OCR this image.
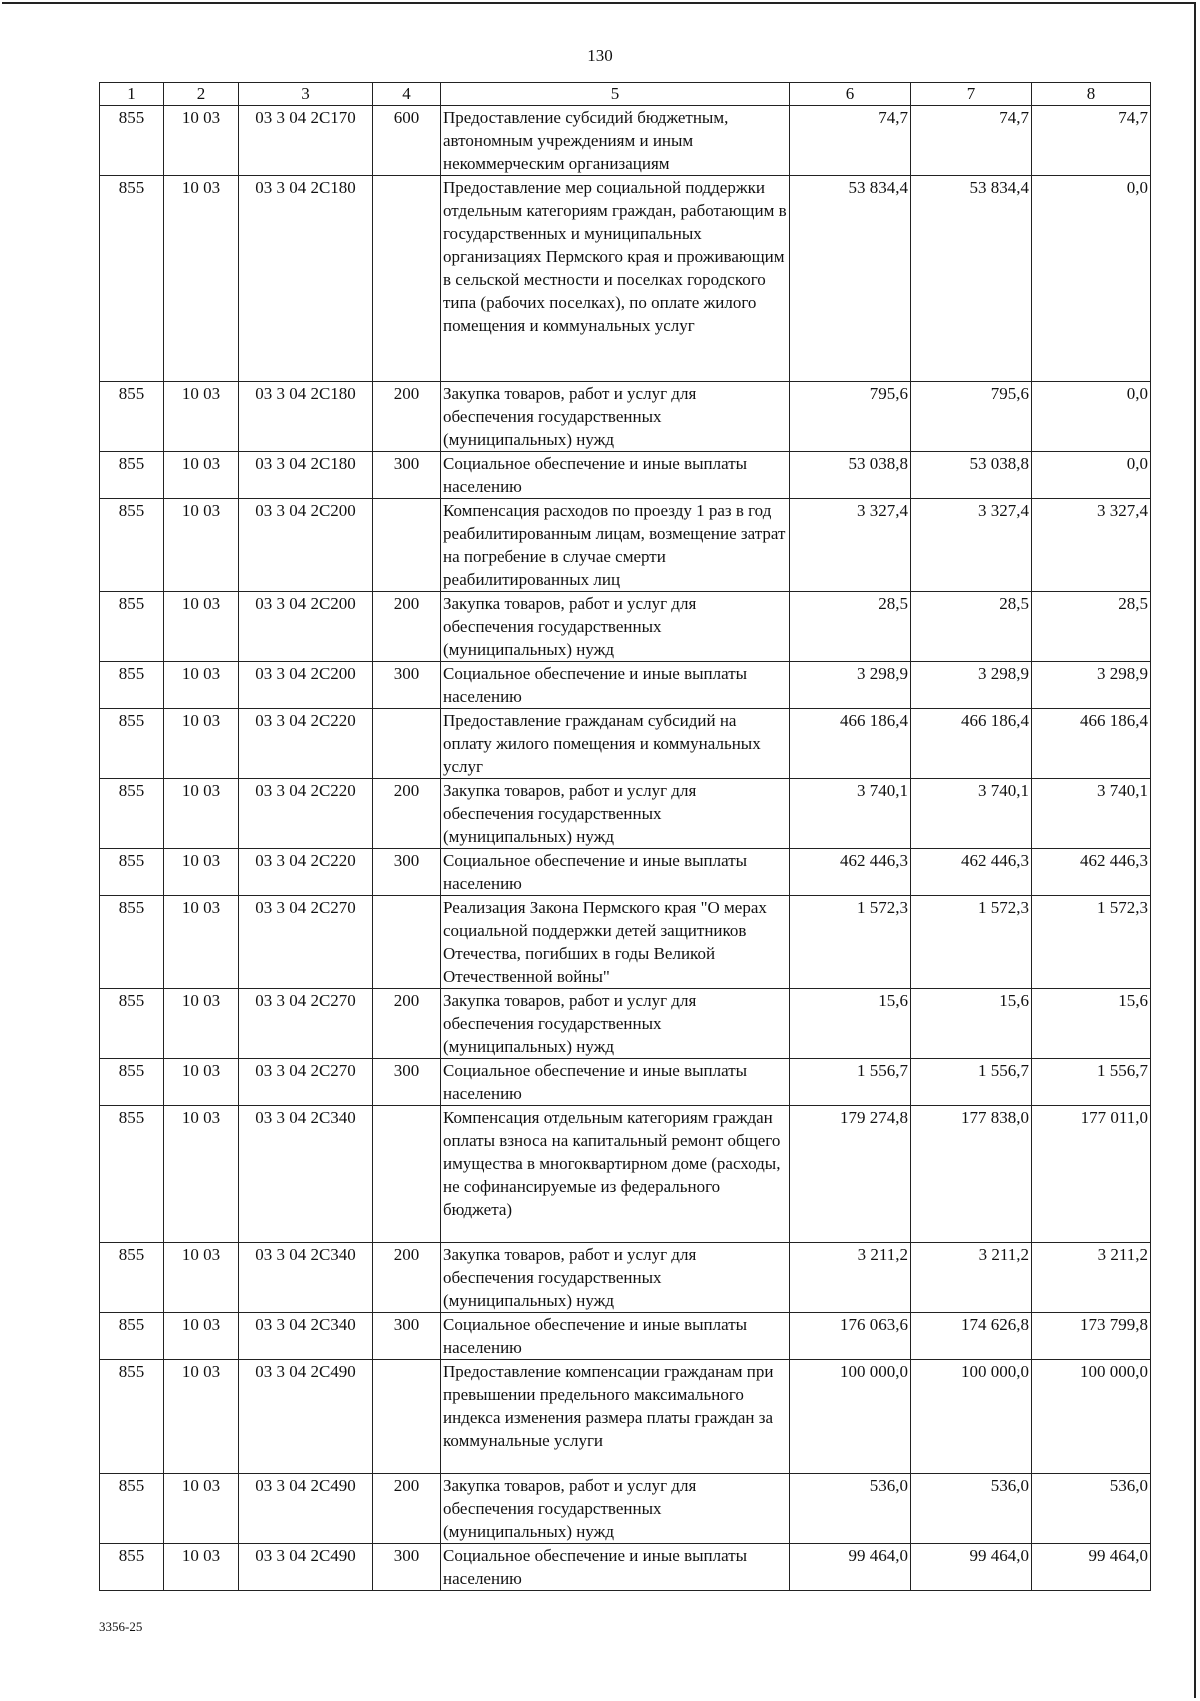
130
1	2	3	4	5	6	7	8
855	10 03	03 3 04 2С170	600	Предоставление субсидий бюджетным, автономным учреждениям и иным некоммерческим организациям	74,7	74,7	74,7
855	10 03	03 3 04 2С180		Предоставление мер социальной поддержки отдельным категориям граждан, работающим в государственных и муниципальных организациях Пермского края и проживающим в сельской местности и поселках городского типа (рабочих поселках), по оплате жилого помещения и коммунальных услуг	53 834,4	53 834,4	0,0
855	10 03	03 3 04 2С180	200	Закупка товаров, работ и услуг для обеспечения государственных (муниципальных) нужд	795,6	795,6	0,0
855	10 03	03 3 04 2С180	300	Социальное обеспечение и иные выплаты населению	53 038,8	53 038,8	0,0
855	10 03	03 3 04 2С200		Компенсация расходов по проезду 1 раз в год реабилитированным лицам, возмещение затрат на погребение в случае смерти реабилитированных лиц	3 327,4	3 327,4	3 327,4
855	10 03	03 3 04 2С200	200	Закупка товаров, работ и услуг для обеспечения государственных (муниципальных) нужд	28,5	28,5	28,5
855	10 03	03 3 04 2С200	300	Социальное обеспечение и иные выплаты населению	3 298,9	3 298,9	3 298,9
855	10 03	03 3 04 2С220		Предоставление гражданам субсидий на оплату жилого помещения и коммунальных услуг	466 186,4	466 186,4	466 186,4
855	10 03	03 3 04 2С220	200	Закупка товаров, работ и услуг для обеспечения государственных (муниципальных) нужд	3 740,1	3 740,1	3 740,1
855	10 03	03 3 04 2С220	300	Социальное обеспечение и иные выплаты населению	462 446,3	462 446,3	462 446,3
855	10 03	03 3 04 2С270		Реализация Закона Пермского края "О мерах социальной поддержки детей защитников Отечества, погибших в годы Великой Отечественной войны"	1 572,3	1 572,3	1 572,3
855	10 03	03 3 04 2С270	200	Закупка товаров, работ и услуг для обеспечения государственных (муниципальных) нужд	15,6	15,6	15,6
855	10 03	03 3 04 2С270	300	Социальное обеспечение и иные выплаты населению	1 556,7	1 556,7	1 556,7
855	10 03	03 3 04 2С340		Компенсация отдельным категориям граждан оплаты взноса на капитальный ремонт общего имущества в многоквартирном доме (расходы, не софинансируемые из федерального бюджета)	179 274,8	177 838,0	177 011,0
855	10 03	03 3 04 2С340	200	Закупка товаров, работ и услуг для обеспечения государственных (муниципальных) нужд	3 211,2	3 211,2	3 211,2
855	10 03	03 3 04 2С340	300	Социальное обеспечение и иные выплаты населению	176 063,6	174 626,8	173 799,8
855	10 03	03 3 04 2С490		Предоставление компенсации гражданам при превышении предельного максимального индекса изменения размера платы граждан за коммунальные услуги	100 000,0	100 000,0	100 000,0
855	10 03	03 3 04 2С490	200	Закупка товаров, работ и услуг для обеспечения государственных (муниципальных) нужд	536,0	536,0	536,0
855	10 03	03 3 04 2С490	300	Социальное обеспечение и иные выплаты населению	99 464,0	99 464,0	99 464,0
3356-25
